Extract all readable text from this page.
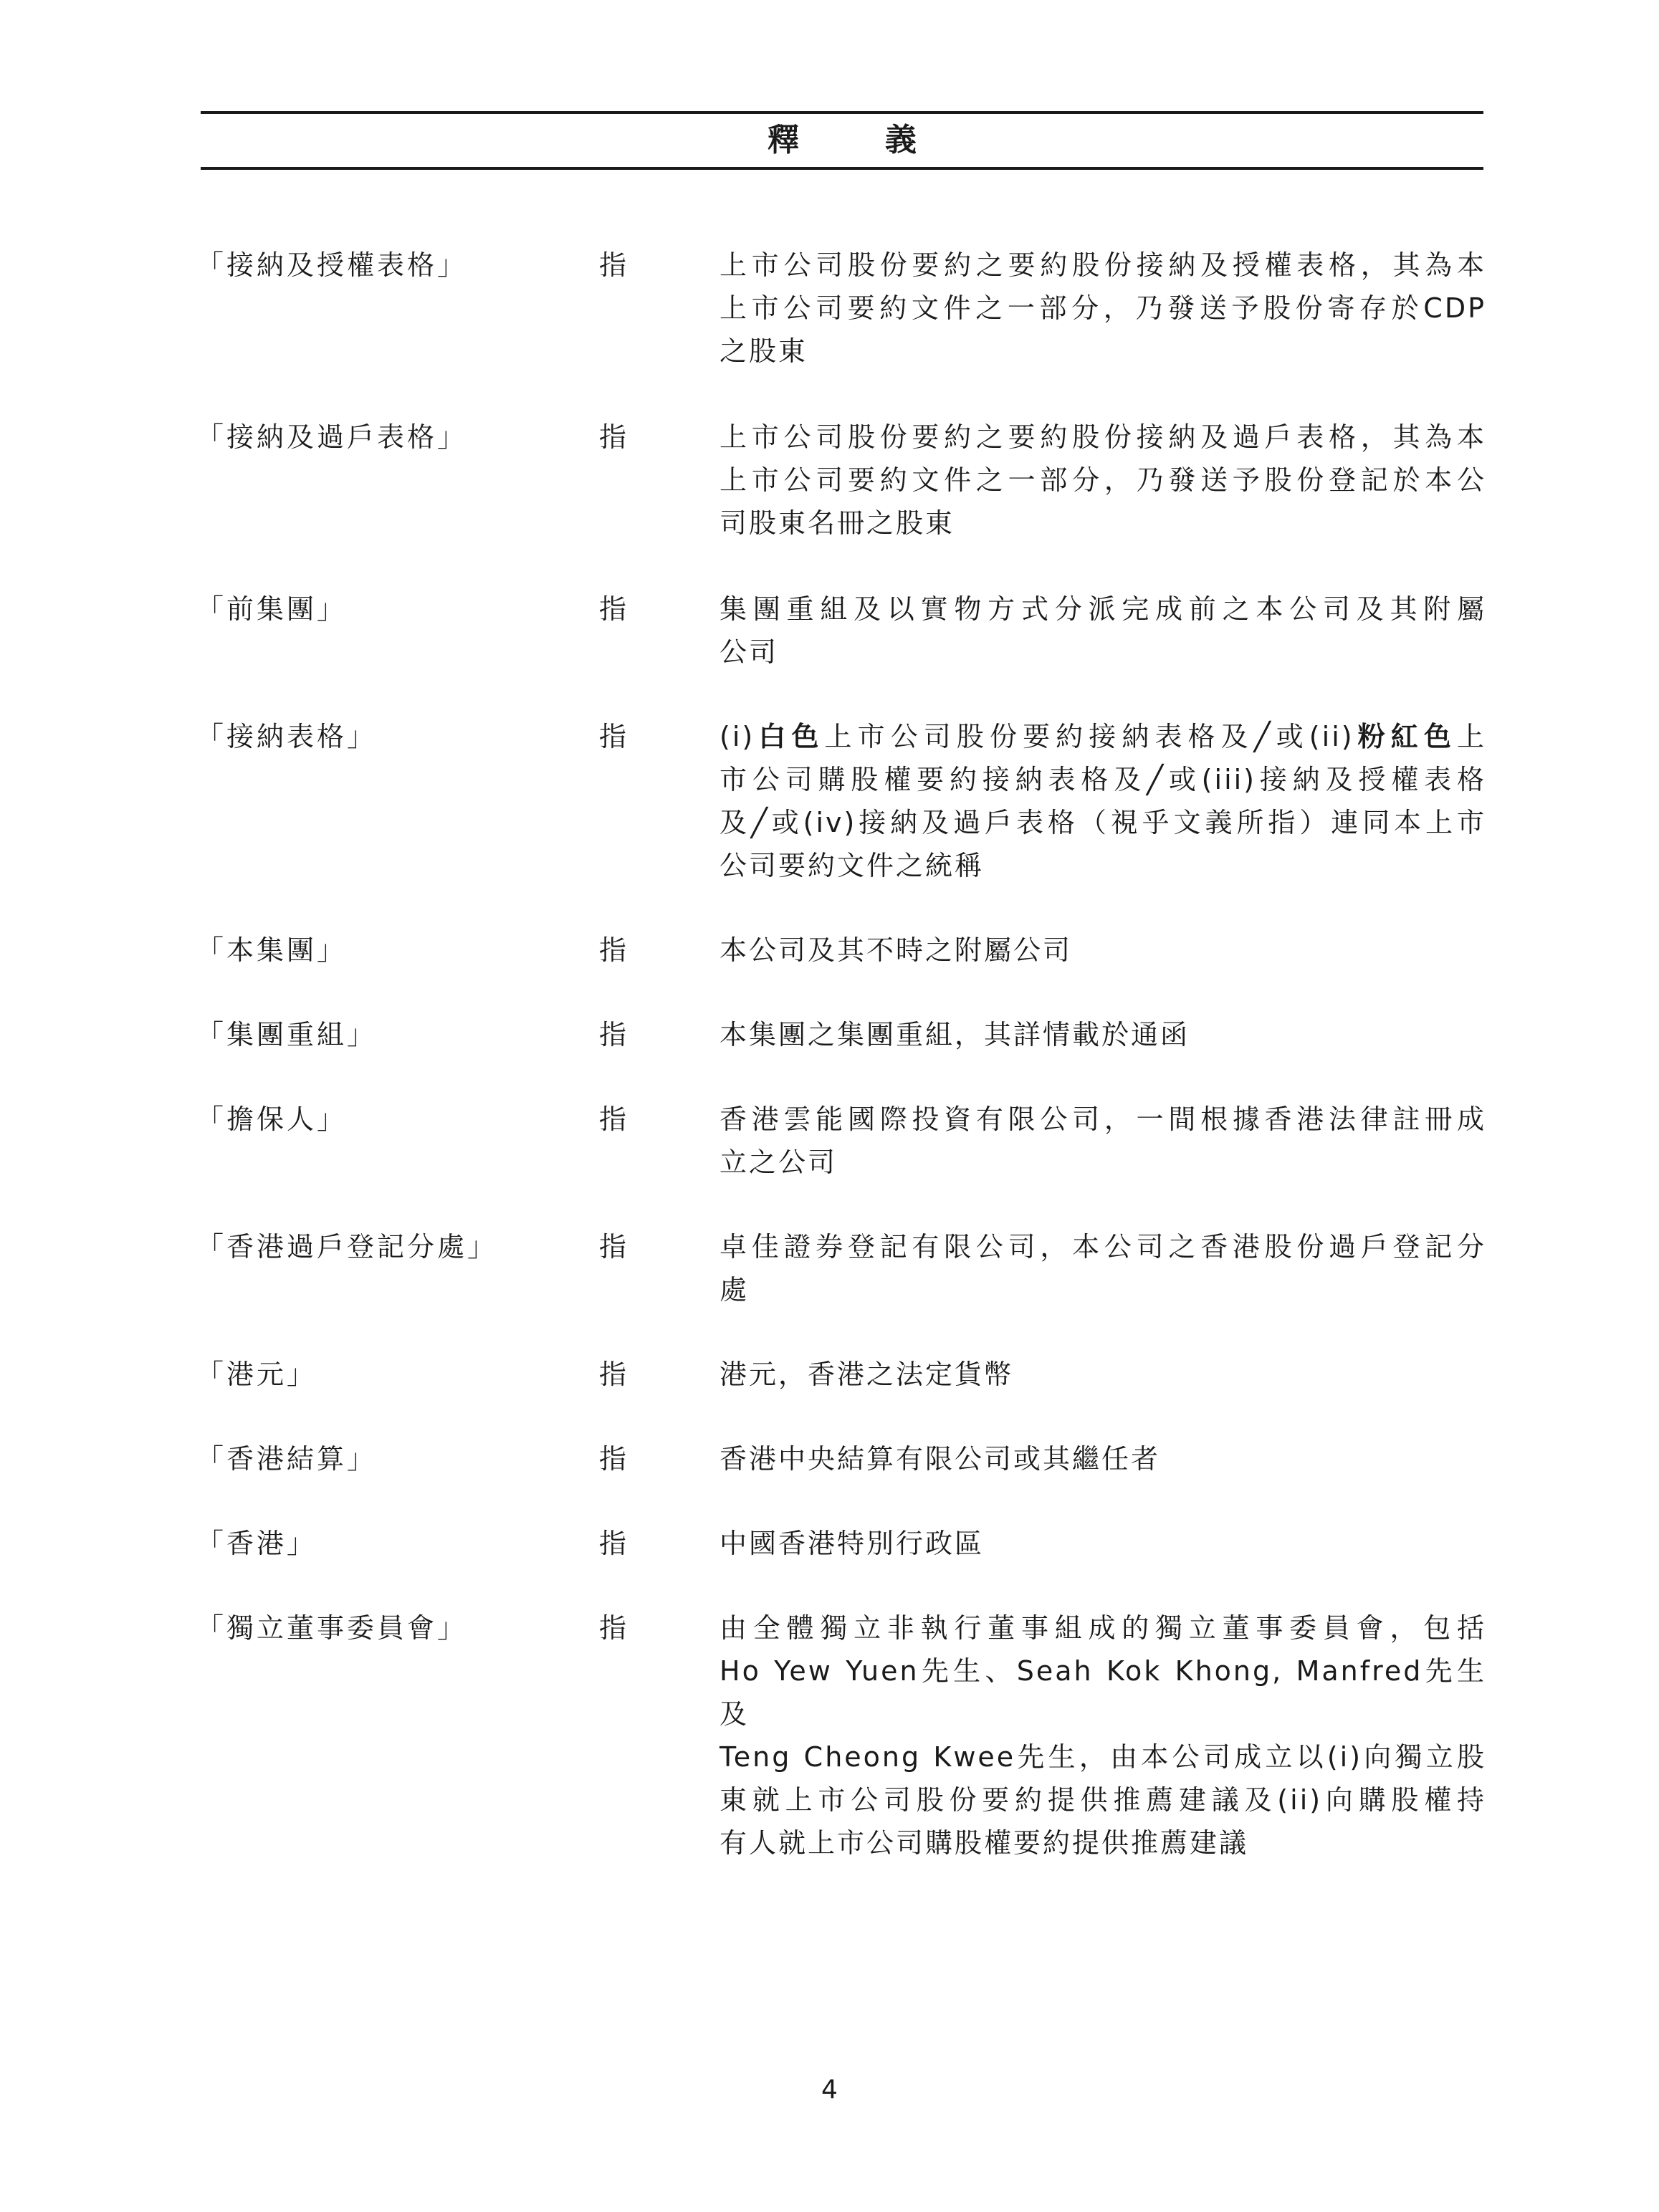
釋　義
「接納及授權表格」	指	上市公司股份要約之要約股份接納及授權表格，其為本
上市公司要約文件之一部分，乃發送予股份寄存於CDP
之股東
「接納及過戶表格」	指	上市公司股份要約之要約股份接納及過戶表格，其為本
上市公司要約文件之一部分，乃發送予股份登記於本公
司股東名冊之股東
「前集團」	指	集團重組及以實物方式分派完成前之本公司及其附屬
公司
「接納表格」	指	(i)白色上市公司股份要約接納表格及╱或(ii)粉紅色上
市公司購股權要約接納表格及╱或(iii)接納及授權表格
及╱或(iv)接納及過戶表格（視乎文義所指）連同本上市
公司要約文件之統稱
「本集團」	指	本公司及其不時之附屬公司
「集團重組」	指	本集團之集團重組，其詳情載於通函
「擔保人」	指	香港雲能國際投資有限公司，一間根據香港法律註冊成
立之公司
「香港過戶登記分處」	指	卓佳證券登記有限公司，本公司之香港股份過戶登記分
處
「港元」	指	港元，香港之法定貨幣
「香港結算」	指	香港中央結算有限公司或其繼任者
「香港」	指	中國香港特別行政區
「獨立董事委員會」	指	由全體獨立非執行董事組成的獨立董事委員會，包括
Ho Yew Yuen先生、Seah Kok Khong, Manfred先生及
Teng Cheong Kwee先生，由本公司成立以(i)向獨立股
東就上市公司股份要約提供推薦建議及(ii)向購股權持
有人就上市公司購股權要約提供推薦建議
4
